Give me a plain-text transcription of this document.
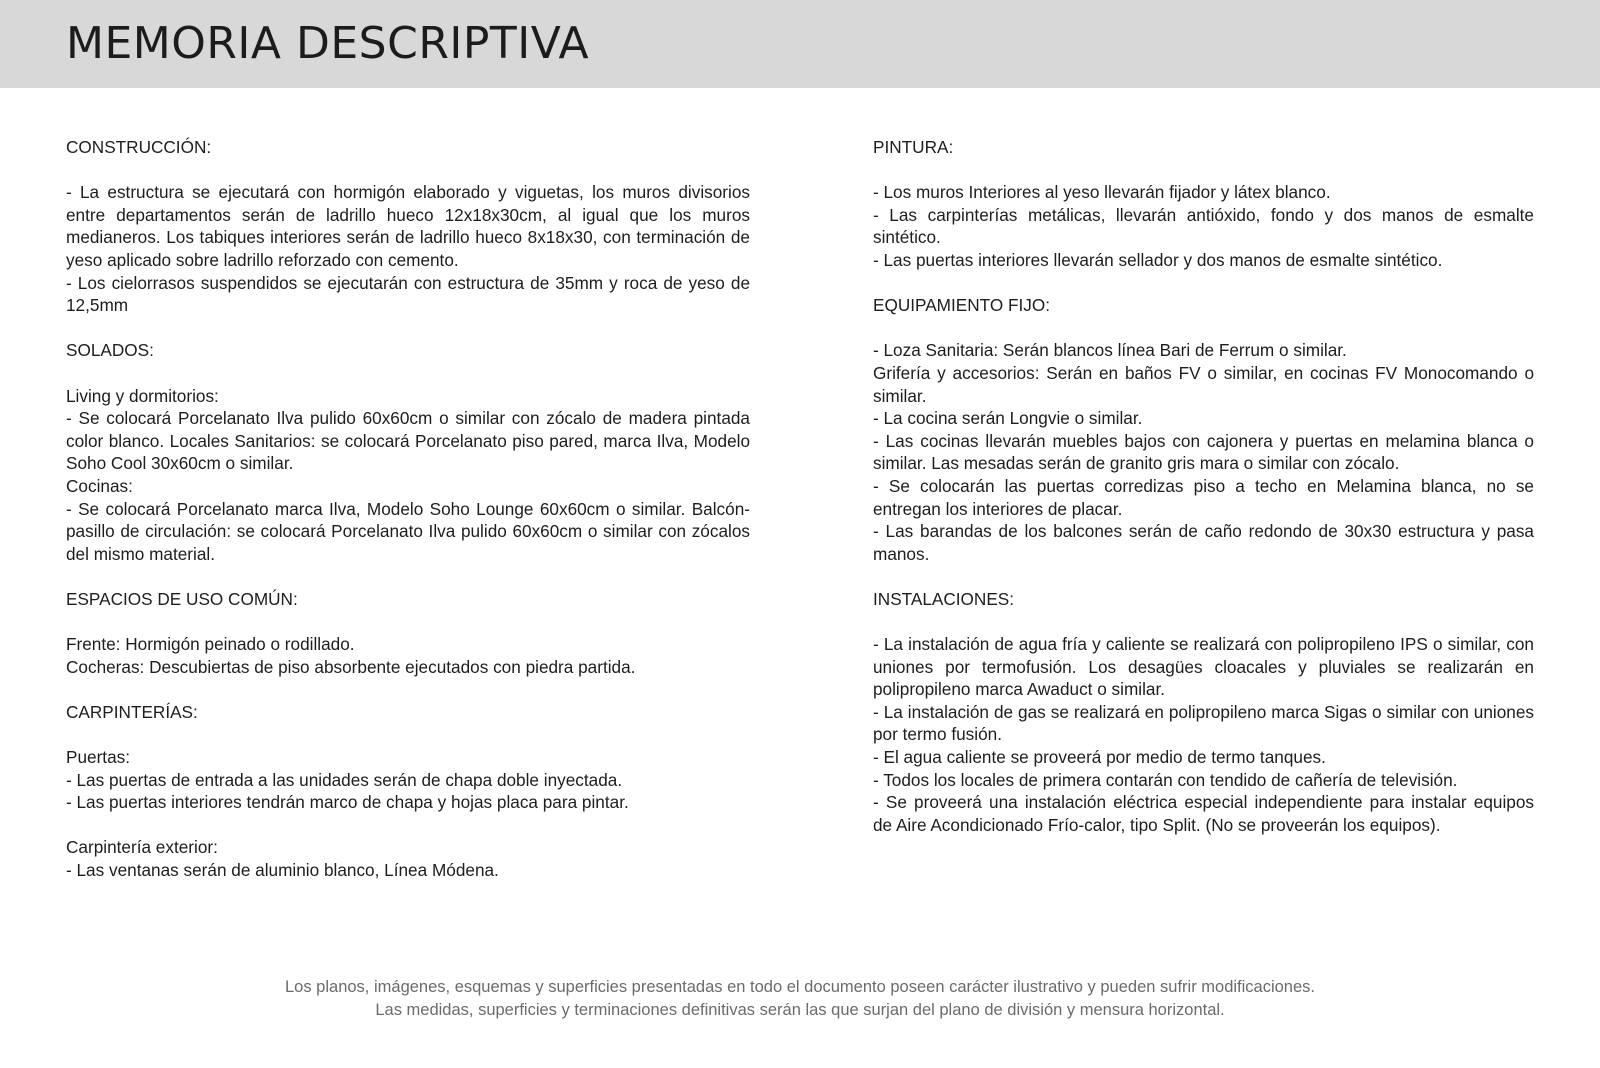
MEMORIA DESCRIPTIVA
CONSTRUCCIÓN:

- La estructura se ejecutará con hormigón elaborado y viguetas, los muros divisorios entre departamentos serán de ladrillo hueco 12x18x30cm, al igual que los muros medianeros. Los tabiques interiores serán de ladrillo hueco 8x18x30, con terminación de yeso aplicado sobre ladrillo reforzado con cemento.

- Los cielorrasos suspendidos se ejecutarán con estructura de 35mm y roca de yeso de 12,5mm

SOLADOS:

Living y dormitorios:

- Se colocará Porcelanato Ilva pulido 60x60cm o similar con zócalo de madera pintada color blanco. Locales Sanitarios: se colocará Porcelanato piso pared, marca Ilva, Modelo Soho Cool 30x60cm o similar.

Cocinas:

- Se colocará Porcelanato marca Ilva, Modelo Soho Lounge 60x60cm o similar. Balcón-pasillo de circulación: se colocará Porcelanato Ilva pulido 60x60cm o similar con zócalos del mismo material.

ESPACIOS DE USO COMÚN:

Frente: Hormigón peinado o rodillado.

Cocheras: Descubiertas de piso absorbente ejecutados con piedra partida.

CARPINTERÍAS:

Puertas:

- Las puertas de entrada a las unidades serán de chapa doble inyectada.

- Las puertas interiores tendrán marco de chapa y hojas placa para pintar.

Carpintería exterior:

- Las ventanas serán de aluminio blanco, Línea Módena.

PINTURA:

- Los muros Interiores al yeso llevarán fijador y látex blanco.

- Las carpinterías metálicas, llevarán antióxido, fondo y dos manos de esmalte sintético.

- Las puertas interiores llevarán sellador y dos manos de esmalte sintético.

EQUIPAMIENTO FIJO:

- Loza Sanitaria: Serán blancos línea Bari de Ferrum o similar.

Grifería y accesorios: Serán en baños FV o similar, en cocinas FV Monocomando o similar.

- La cocina serán Longvie o similar.

- Las cocinas llevarán muebles bajos con cajonera y puertas en melamina blanca o similar. Las mesadas serán de granito gris mara o similar con zócalo.

- Se colocarán las puertas corredizas piso a techo en Melamina blanca, no se entregan los interiores de placar.

- Las barandas de los balcones serán de caño redondo de 30x30 estructura y pasa manos.

INSTALACIONES:

- La instalación de agua fría y caliente se realizará con polipropileno IPS o similar, con uniones por termofusión. Los desagües cloacales y pluviales se realizarán en polipropileno marca Awaduct o similar.

- La instalación de gas se realizará en polipropileno marca Sigas o similar con uniones por termo fusión.

- El agua caliente se proveerá por medio de termo tanques.

- Todos los locales de primera contarán con tendido de cañería de televisión.

- Se proveerá una instalación eléctrica especial independiente para instalar equipos de Aire Acondicionado Frío-calor, tipo Split. (No se proveerán los equipos).

Los planos, imágenes, esquemas y superficies presentadas en todo el documento poseen carácter ilustrativo y pueden sufrir modificaciones.
Las medidas, superficies y terminaciones definitivas serán las que surjan del plano de división y mensura horizontal.
